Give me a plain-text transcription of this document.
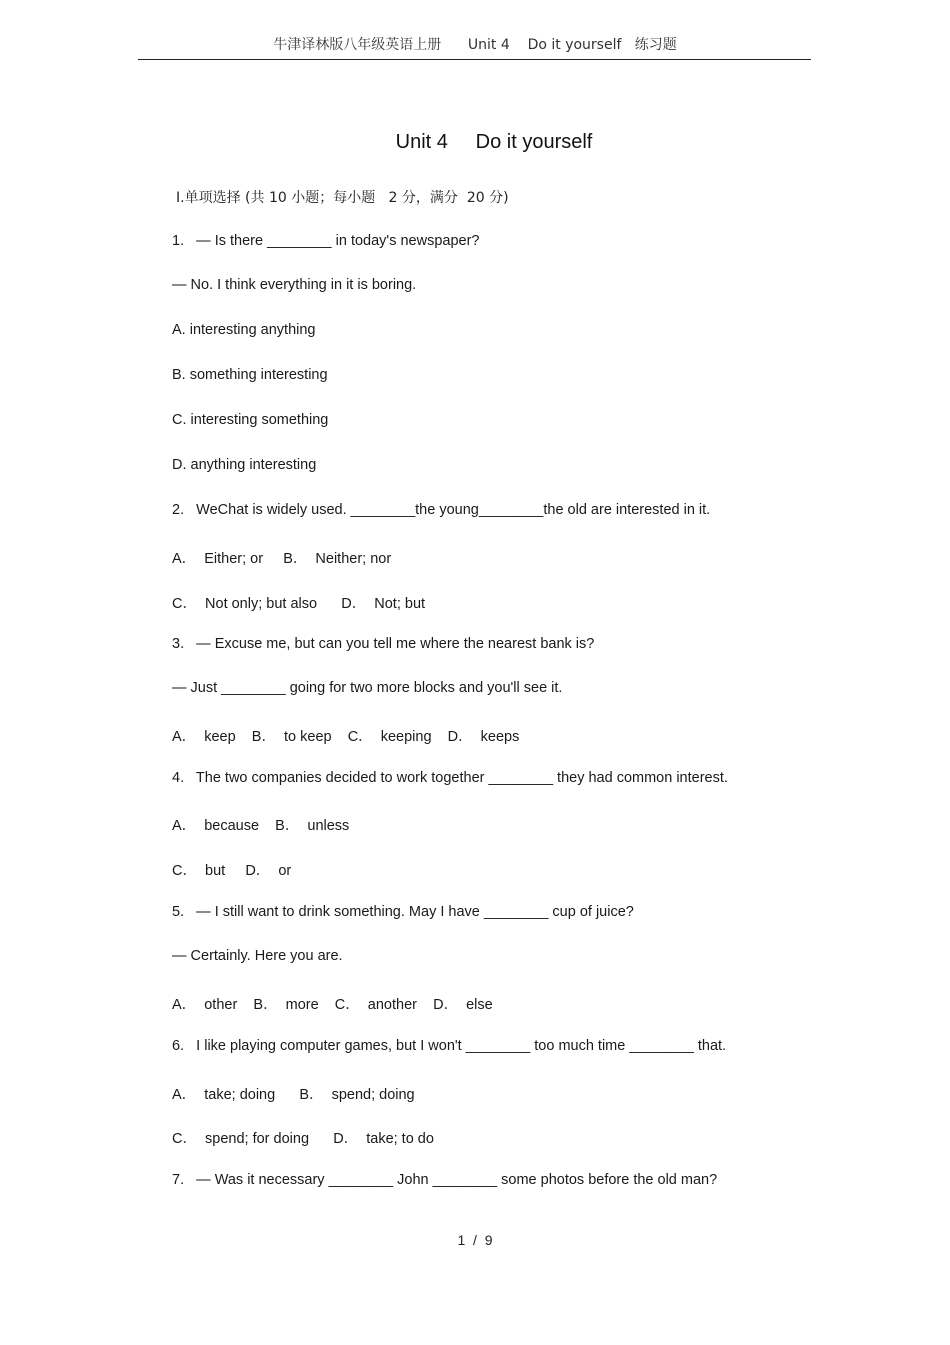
牛津译林版八年级英语上册      Unit 4    Do it yourself   练习题
Unit 4     Do it yourself
Ⅰ.单项选择 (共 10 小题；每小题   2 分，满分  20 分)
1.   — Is there ________ in today's newspaper?
— No. I think everything in it is boring.
A. interesting anything
B. something interesting
C. interesting something
D. anything interesting
2.   WeChat is widely used. ________the young________the old are interested in it.
A．  Either; or     B．  Neither; nor
C．  Not only; but also      D．  Not; but
3.   — Excuse me, but can you tell me where the nearest bank is?
— Just ________ going for two more blocks and you'll see it.
A．  keep    B．  to keep    C．  keeping    D．  keeps
4.   The two companies decided to work together ________ they had common interest.
A．  because    B．  unless
C．  but     D．  or
5.   — I still want to drink something. May I have ________ cup of juice?
— Certainly. Here you are.
A．  other    B．  more    C．  another    D．  else
6.   I like playing computer games, but I won't ________ too much time ________ that.
A．  take; doing      B．  spend; doing
C．  spend; for doing      D．  take; to do
7.   — Was it necessary ________ John ________ some photos before the old man?
1  /  9
